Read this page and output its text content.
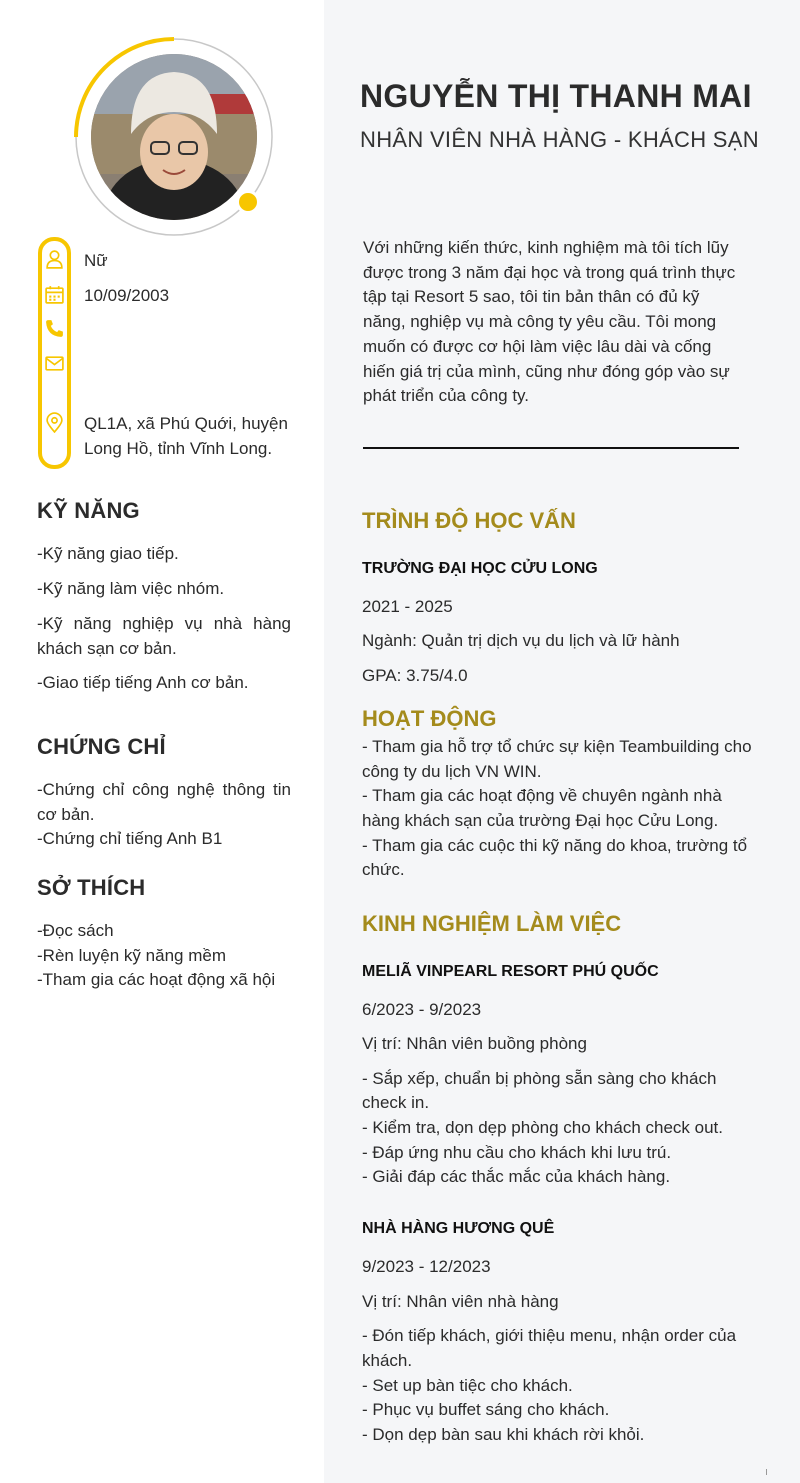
Nữ
10/09/2003
QL1A, xã Phú Quới, huyện
Long Hồ, tỉnh Vĩnh Long.
KỸ NĂNG
-Kỹ năng giao tiếp.
-Kỹ năng làm việc nhóm.
-Kỹ năng nghiệp vụ nhà hàng khách sạn cơ bản.
-Giao tiếp tiếng Anh cơ bản.
CHỨNG CHỈ
-Chứng chỉ công nghệ thông tin cơ bản.
-Chứng chỉ tiếng Anh B1
SỞ THÍCH
-Đọc sách
-Rèn luyện kỹ năng mềm
-Tham gia các hoạt động xã hội
NGUYỄN THỊ THANH MAI
NHÂN VIÊN NHÀ HÀNG - KHÁCH SẠN
Với những kiến thức, kinh nghiệm mà tôi tích lũy
được trong 3 năm đại học và trong quá trình thực
tập tại Resort 5 sao, tôi tin bản thân có đủ kỹ
năng, nghiệp vụ mà công ty yêu cầu. Tôi mong
muốn có được cơ hội làm việc lâu dài và cống
hiến giá trị của mình, cũng như đóng góp vào sự
phát triển của công ty.
TRÌNH ĐỘ HỌC VẤN
TRƯỜNG ĐẠI HỌC CỬU LONG
2021 - 2025
Ngành: Quản trị dịch vụ du lịch và lữ hành
GPA: 3.75/4.0
HOẠT ĐỘNG
- Tham gia hỗ trợ tổ chức sự kiện Teambuilding cho
công ty du lịch VN WIN.
- Tham gia các hoạt động về chuyên ngành nhà
hàng khách sạn của trường Đại học Cửu Long.
- Tham gia các cuộc thi kỹ năng do khoa, trường tổ
chức.
KINH NGHIỆM LÀM VIỆC
MELIÃ VINPEARL RESORT PHÚ QUỐC
6/2023 - 9/2023
Vị trí: Nhân viên buồng phòng
- Sắp xếp, chuẩn bị phòng sẵn sàng cho khách
check in.
- Kiểm tra, dọn dẹp phòng cho khách check out.
- Đáp ứng nhu cầu cho khách khi lưu trú.
- Giải đáp các thắc mắc của khách hàng.
NHÀ HÀNG HƯƠNG QUÊ
9/2023 - 12/2023
Vị trí: Nhân viên nhà hàng
- Đón tiếp khách, giới thiệu menu, nhận order của
khách.
- Set up bàn tiệc cho khách.
- Phục vụ buffet sáng cho khách.
- Dọn dẹp bàn sau khi khách rời khỏi.
